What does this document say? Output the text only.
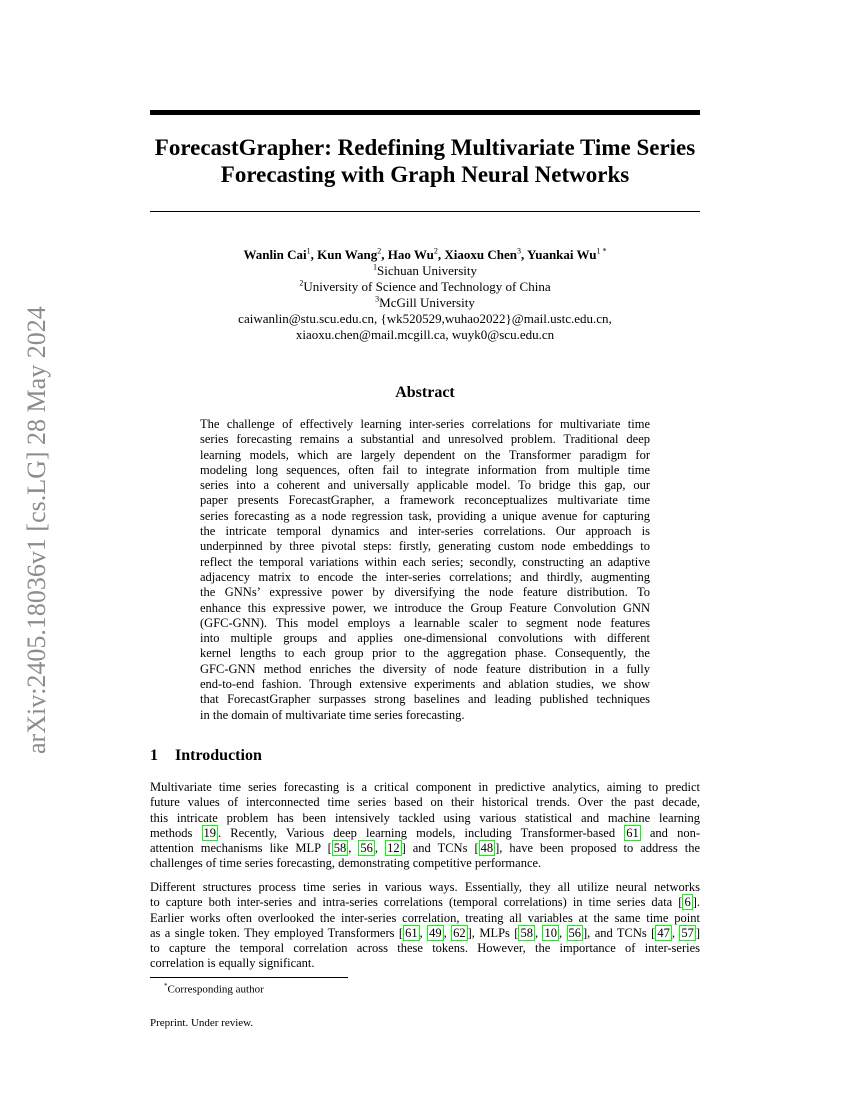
arXiv:2405.18036v1 [cs.LG] 28 May 2024
ForecastGrapher: Redefining Multivariate Time Series
Forecasting with Graph Neural Networks
Wanlin Cai$^1$, Kun Wang$^2$, Hao Wu$^2$, Xiaoxu Chen$^3$, Yuankai $Wu^{1 *}$
$^1$Sichuan University
$^2$University of Science and Technology of China
$^3$McGill University
caiwanlin@stu.scu.edu.cn, {wk520529,wuhao2022}@mail.ustc.edu.cn,
xiaoxu.chen@mail.mcgill.ca, wuyk0@scu.edu.cn
Abstract
The challenge of effectively learning inter-series correlations for multivariate time
series forecasting remains a substantial and unresolved problem. Traditional deep
learning models, which are largely dependent on the Transformer paradigm for
modeling long sequences, often fail to integrate information from multiple time
series into a coherent and universally applicable model. To bridge this gap, our
paper presents ForecastGrapher, a framework reconceptualizes multivariate time
series forecasting as a node regression task, providing a unique avenue for capturing
the intricate temporal dynamics and inter-series correlations. Our approach is
underpinned by three pivotal steps: firstly, generating custom node embeddings to
reflect the temporal variations within each series; secondly, constructing an adaptive
adjacency matrix to encode the inter-series correlations; and thirdly, augmenting
the GNNs’ expressive power by diversifying the node feature distribution. To
enhance this expressive power, we introduce the Group Feature Convolution GNN
(GFC-GNN). This model employs a learnable scaler to segment node features
into multiple groups and applies one-dimensional convolutions with different
kernel lengths to each group prior to the aggregation phase. Consequently, the
GFC-GNN method enriches the diversity of node feature distribution in a fully
end-to-end fashion. Through extensive experiments and ablation studies, we show
that ForecastGrapher surpasses strong baselines and leading published techniques
in the domain of multivariate time series forecasting.
1 Introduction
Multivariate time series forecasting is a critical component in predictive analytics, aiming to predict
future values of interconnected time series based on their historical trends. Over the past decade,
this intricate problem has been intensively tackled using various statistical and machine learning
methods 19 . Recently, Various deep learning models, including Transformer-based 61 and non-
attention mechanisms like MLP [ 58 , 56 , 12 ] and TCNs [ 48 ], have been proposed to address the
challenges of time series forecasting, demonstrating competitive performance.
Different structures process time series in various ways. Essentially, they all utilize neural networks
to capture both inter-series and intra-series correlations (temporal correlations) in time series data [ 6 ].
Earlier works often overlooked the inter-series correlation, treating all variables at the same time point
as a single token. They employed Transformers [ 61 , 49 , 62 ], MLPs [ 58 , 10 , 56 ], and TCNs [ 47 , 57 ]
to capture the temporal correlation across these tokens. However, the importance of inter-series
correlation is equally significant.
*Corresponding author
Preprint. Under review.
